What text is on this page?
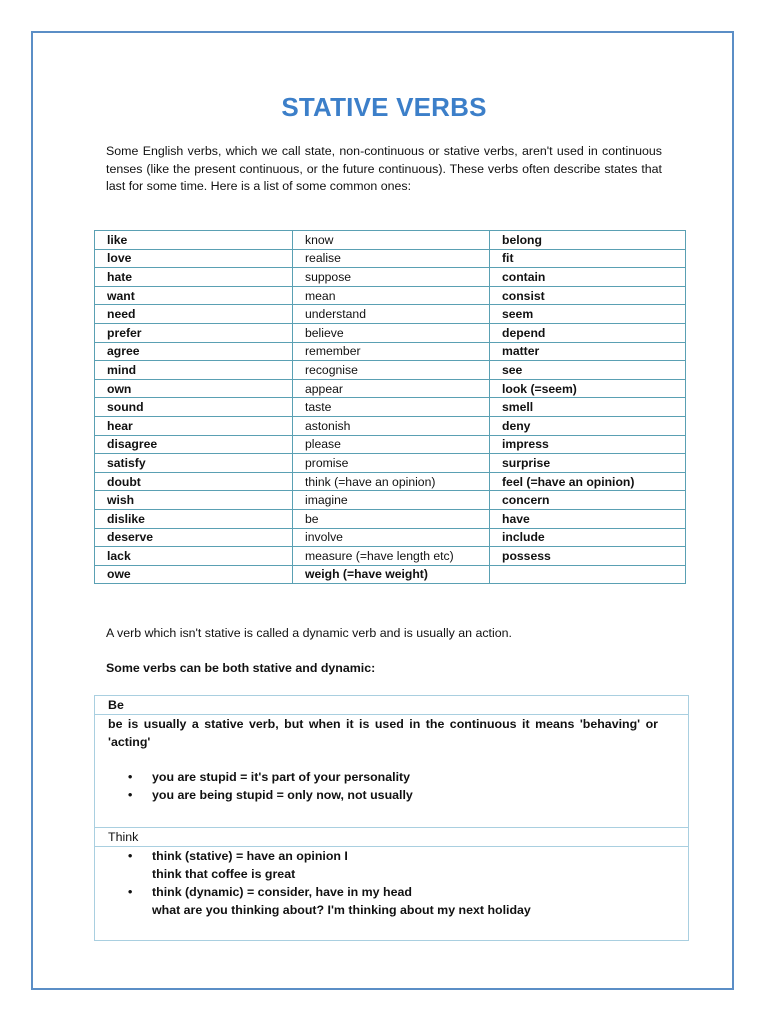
STATIVE VERBS
Some English verbs, which we call state, non-continuous or stative verbs, aren't used in continuous tenses (like the present continuous, or the future continuous). These verbs often describe states that last for some time. Here is a list of some common ones:
like	know	belong
love	realise	fit
hate	suppose	contain
want	mean	consist
need	understand	seem
prefer	believe	depend
agree	remember	matter
mind	recognise	see
own	appear	look (=seem)
sound	taste	smell
hear	astonish	deny
disagree	please	impress
satisfy	promise	surprise
doubt	think (=have an opinion)	feel (=have an opinion)
wish	imagine	concern
dislike	be	have
deserve	involve	include
lack	measure (=have length etc)	possess
owe	weigh (=have weight)	
A verb which isn't stative is called a dynamic verb and is usually an action.
Some verbs can be both stative and dynamic:
Be
be is usually a stative verb, but when it is used in the continuous it means 'behaving' or 'acting'
• you are stupid = it's part of your personality
• you are being stupid = only now, not usually
Think
• think (stative) = have an opinion I
think that coffee is great
• think (dynamic) = consider, have in my head
what are you thinking about? I'm thinking about my next holiday
